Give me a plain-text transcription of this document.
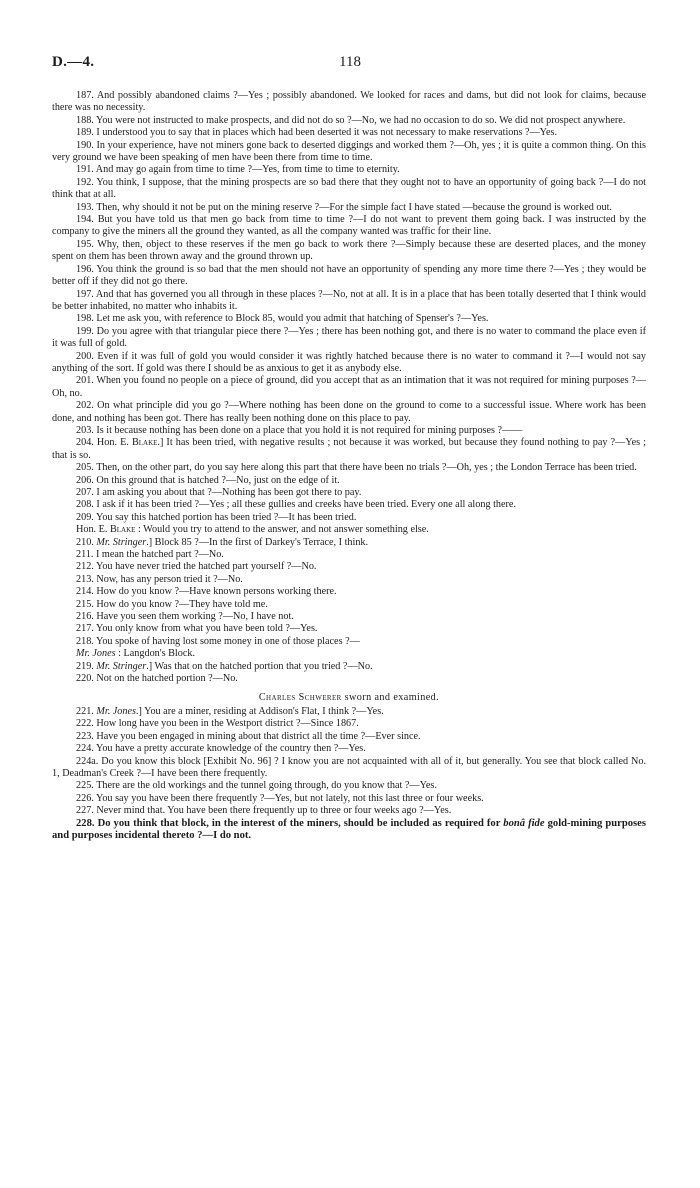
D.—4.	118

187. And possibly abandoned claims ?—Yes ; possibly abandoned. We looked for races and dams, but did not look for claims, because there was no necessity.

188. You were not instructed to make prospects, and did not do so ?—No, we had no occasion to do so. We did not prospect anywhere.

189. I understood you to say that in places which had been deserted it was not necessary to make reservations ?—Yes.

190. In your experience, have not miners gone back to deserted diggings and worked them ?—Oh, yes ; it is quite a common thing. On this very ground we have been speaking of men have been there from time to time.

191. And may go again from time to time ?—Yes, from time to time to eternity.

192. You think, I suppose, that the mining prospects are so bad there that they ought not to have an opportunity of going back ?—I do not think that at all.

193. Then, why should it not be put on the mining reserve ?—For the simple fact I have stated —because the ground is worked out.

194. But you have told us that men go back from time to time ?—I do not want to prevent them going back. I was instructed by the company to give the miners all the ground they wanted, as all the company wanted was traffic for their line.

195. Why, then, object to these reserves if the men go back to work there ?—Simply because these are deserted places, and the money spent on them has been thrown away and the ground thrown up.

196. You think the ground is so bad that the men should not have an opportunity of spending any more time there ?—Yes ; they would be better off if they did not go there.

197. And that has governed you all through in these places ?—No, not at all. It is in a place that has been totally deserted that I think would be better inhabited, no matter who inhabits it.

198. Let me ask you, with reference to Block 85, would you admit that hatching of Spenser's ?—Yes.

199. Do you agree with that triangular piece there ?—Yes ; there has been nothing got, and there is no water to command the place even if it was full of gold.

200. Even if it was full of gold you would consider it was rightly hatched because there is no water to command it ?—I would not say anything of the sort. If gold was there I should be as anxious to get it as anybody else.

201. When you found no people on a piece of ground, did you accept that as an intimation that it was not required for mining purposes ?—Oh, no.

202. On what principle did you go ?—Where nothing has been done on the ground to come to a successful issue. Where work has been done, and nothing has been got. There has really been nothing done on this place to pay.

203. Is it because nothing has been done on a place that you hold it is not required for mining purposes ?——

204. Hon. E. Blake.] It has been tried, with negative results ; not because it was worked, but because they found nothing to pay ?—Yes ; that is so.

205. Then, on the other part, do you say here along this part that there have been no trials ?—Oh, yes ; the London Terrace has been tried.

206. On this ground that is hatched ?—No, just on the edge of it.

207. I am asking you about that ?—Nothing has been got there to pay.

208. I ask if it has been tried ?—Yes ; all these gullies and creeks have been tried. Every one all along there.

209. You say this hatched portion has been tried ?—It has been tried.

Hon. E. Blake : Would you try to attend to the answer, and not answer something else.

210. Mr. Stringer.] Block 85 ?—In the first of Darkey's Terrace, I think.

211. I mean the hatched part ?—No.

212. You have never tried the hatched part yourself ?—No.

213. Now, has any person tried it ?—No.

214. How do you know ?—Have known persons working there.

215. How do you know ?—They have told me.

216. Have you seen them working ?—No, I have not.

217. You only know from what you have been told ?—Yes.

218. You spoke of having lost some money in one of those places ?—

Mr. Jones : Langdon's Block.

219. Mr. Stringer.] Was that on the hatched portion that you tried ?—No.

220. Not on the hatched portion ?—No.

Charles Schwerer sworn and examined.

221. Mr. Jones.] You are a miner, residing at Addison's Flat, I think ?—Yes.

222. How long have you been in the Westport district ?—Since 1867.

223. Have you been engaged in mining about that district all the time ?—Ever since.

224. You have a pretty accurate knowledge of the country then ?—Yes.

224a. Do you know this block [Exhibit No. 96] ? I know you are not acquainted with all of it, but generally. You see that block called No. 1, Deadman's Creek ?—I have been there frequently.

225. There are the old workings and the tunnel going through, do you know that ?—Yes.

226. You say you have been there frequently ?—Yes, but not lately, not this last three or four weeks.

227. Never mind that. You have been there frequently up to three or four weeks ago ?—Yes.

228. Do you think that block, in the interest of the miners, should be included as required for bonâ fide gold-mining purposes and purposes incidental thereto ?—I do not.
